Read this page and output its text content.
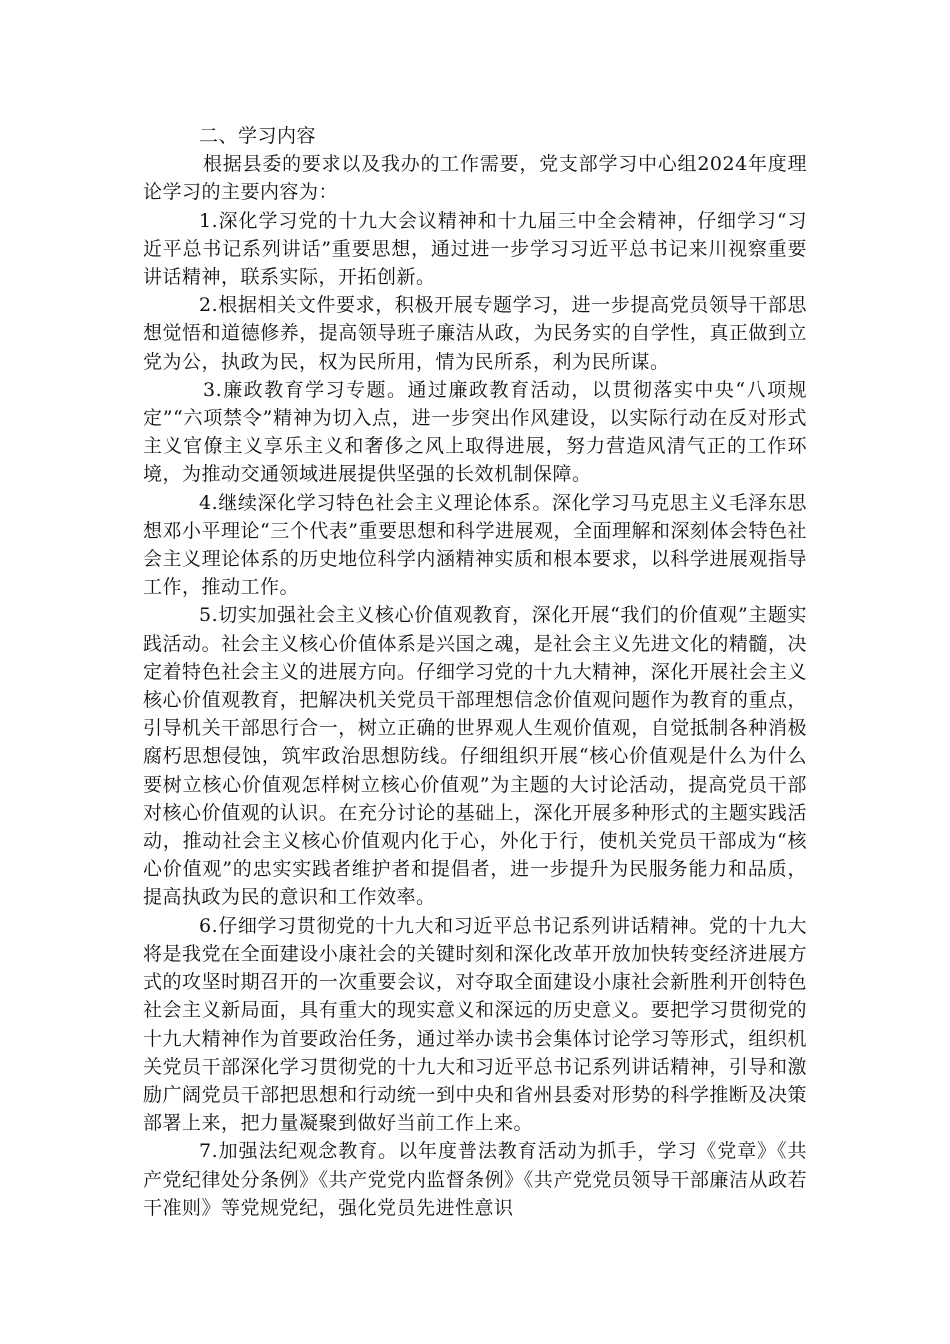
二、学习内容

根据县委的要求以及我办的工作需要，党支部学习中心组2024年度理论学习的主要内容为：

1.深化学习党的十九大会议精神和十九届三中全会精神，仔细学习“习近平总书记系列讲话”重要思想，通过进一步学习习近平总书记来川视察重要讲话精神，联系实际，开拓创新。

2.根据相关文件要求，积极开展专题学习，进一步提高党员领导干部思想觉悟和道德修养，提高领导班子廉洁从政，为民务实的自学性，真正做到立党为公，执政为民，权为民所用，情为民所系，利为民所谋。

3.廉政教育学习专题。通过廉政教育活动，以贯彻落实中央“八项规定”“六项禁令”精神为切入点，进一步突出作风建设，以实际行动在反对形式主义官僚主义享乐主义和奢侈之风上取得进展，努力营造风清气正的工作环境，为推动交通领域进展提供坚强的长效机制保障。

4.继续深化学习特色社会主义理论体系。深化学习马克思主义毛泽东思想邓小平理论“三个代表”重要思想和科学进展观，全面理解和深刻体会特色社会主义理论体系的历史地位科学内涵精神实质和根本要求，以科学进展观指导工作，推动工作。

5.切实加强社会主义核心价值观教育，深化开展“我们的价值观”主题实践活动。社会主义核心价值体系是兴国之魂，是社会主义先进文化的精髓，决定着特色社会主义的进展方向。仔细学习党的十九大精神，深化开展社会主义核心价值观教育，把解决机关党员干部理想信念价值观问题作为教育的重点，引导机关干部思行合一，树立正确的世界观人生观价值观，自觉抵制各种消极腐朽思想侵蚀，筑牢政治思想防线。仔细组织开展“核心价值观是什么为什么要树立核心价值观怎样树立核心价值观”为主题的大讨论活动，提高党员干部对核心价值观的认识。在充分讨论的基础上，深化开展多种形式的主题实践活动，推动社会主义核心价值观内化于心，外化于行，使机关党员干部成为“核心价值观”的忠实实践者维护者和提倡者，进一步提升为民服务能力和品质，提高执政为民的意识和工作效率。

6.仔细学习贯彻党的十九大和习近平总书记系列讲话精神。党的十九大将是我党在全面建设小康社会的关键时刻和深化改革开放加快转变经济进展方式的攻坚时期召开的一次重要会议，对夺取全面建设小康社会新胜利开创特色社会主义新局面，具有重大的现实意义和深远的历史意义。要把学习贯彻党的十九大精神作为首要政治任务，通过举办读书会集体讨论学习等形式，组织机关党员干部深化学习贯彻党的十九大和习近平总书记系列讲话精神，引导和激励广阔党员干部把思想和行动统一到中央和省州县委对形势的科学推断及决策部署上来，把力量凝聚到做好当前工作上来。

7.加强法纪观念教育。以年度普法教育活动为抓手，学习《党章》《共产党纪律处分条例》《共产党党内监督条例》《共产党党员领导干部廉洁从政若干准则》等党规党纪，强化党员先进性意识
